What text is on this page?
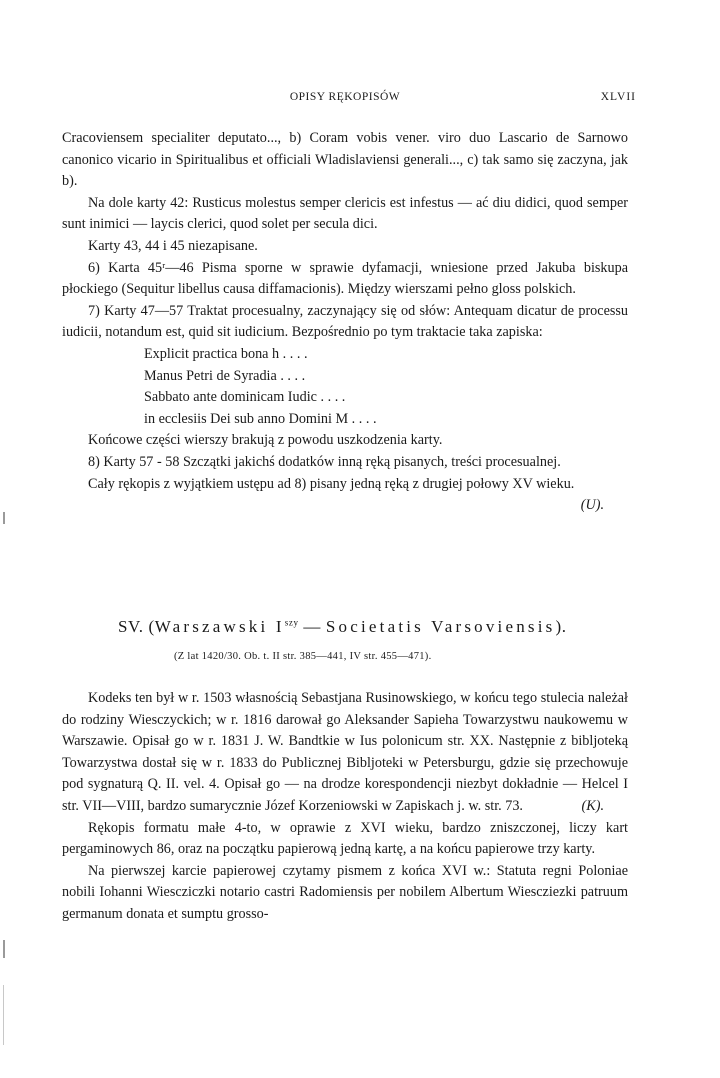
OPISY RĘKOPISÓW	XLVII

Cracoviensem specialiter deputato..., b) Coram vobis vener. viro duo Lascario de Sarnowo canonico vicario in Spiritualibus et officiali Wladislaviensi generali..., c) tak samo się zaczyna, jak b).

Na dole karty 42: Rusticus molestus semper clericis est infestus — ać diu didici, quod semper sunt inimici — laycis clerici, quod solet per secula dici.

Karty 43, 44 i 45 niezapisane.

6) Karta 45ʳ—46 Pisma sporne w sprawie dyfamacji, wniesione przed Jakuba biskupa płockiego (Sequitur libellus causa diffamacionis). Między wierszami pełno gloss polskich.

7) Karty 47—57 Traktat procesualny, zaczynający się od słów: Antequam dicatur de processu iudicii, notandum est, quid sit iudicium. Bezpośrednio po tym traktacie taka zapiska:

Explicit practica bona h . . . .
Manus Petri de Syradia . . . .
Sabbato ante dominicam Iudic . . . .
in ecclesiis Dei sub anno Domini M . . . .

Końcowe części wierszy brakują z powodu uszkodzenia karty.

8) Karty 57 - 58 Szczątki jakichś dodatków inną ręką pisanych, treści procesualnej.

Cały rękopis z wyjątkiem ustępu ad 8) pisany jedną ręką z drugiej połowy XV wieku.
(U).

SV. (Warszawski $I^{szy}$ — Societatis Varsoviensis).
(Z lat 1420/30. Ob. t. II str. 385—441, IV str. 455—471).

Kodeks ten był w r. 1503 własnością Sebastjana Rusinowskiego, w końcu tego stulecia należał do rodziny Wiesczyckich; w r. 1816 darował go Aleksander Sapieha Towarzystwu naukowemu w Warszawie. Opisał go w r. 1831 J. W. Bandtkie w Ius polonicum str. XX. Następnie z bibljoteką Towarzystwa dostał się w r. 1833 do Publicznej Bibljoteki w Petersburgu, gdzie się przechowuje pod sygnaturą Q. II. vel. 4. Opisał go — na drodze korespondencji niezbyt dokładnie — Helcel I str. VII—VIII, bardzo sumarycznie Józef Korzeniowski w Zapiskach j. w. str. 73.	(K).

Rękopis formatu małe 4-to, w oprawie z XVI wieku, bardzo zniszczonej, liczy kart pergaminowych 86, oraz na początku papierową jedną kartę, a na końcu papierowe trzy karty.

Na pierwszej karcie papierowej czytamy pismem z końca XVI w.: Statuta regni Poloniae nobili Iohanni Wiescziczki notario castri Radomiensis per nobilem Albertum Wiescziezki patruum germanum donata et sumptu grosso-
